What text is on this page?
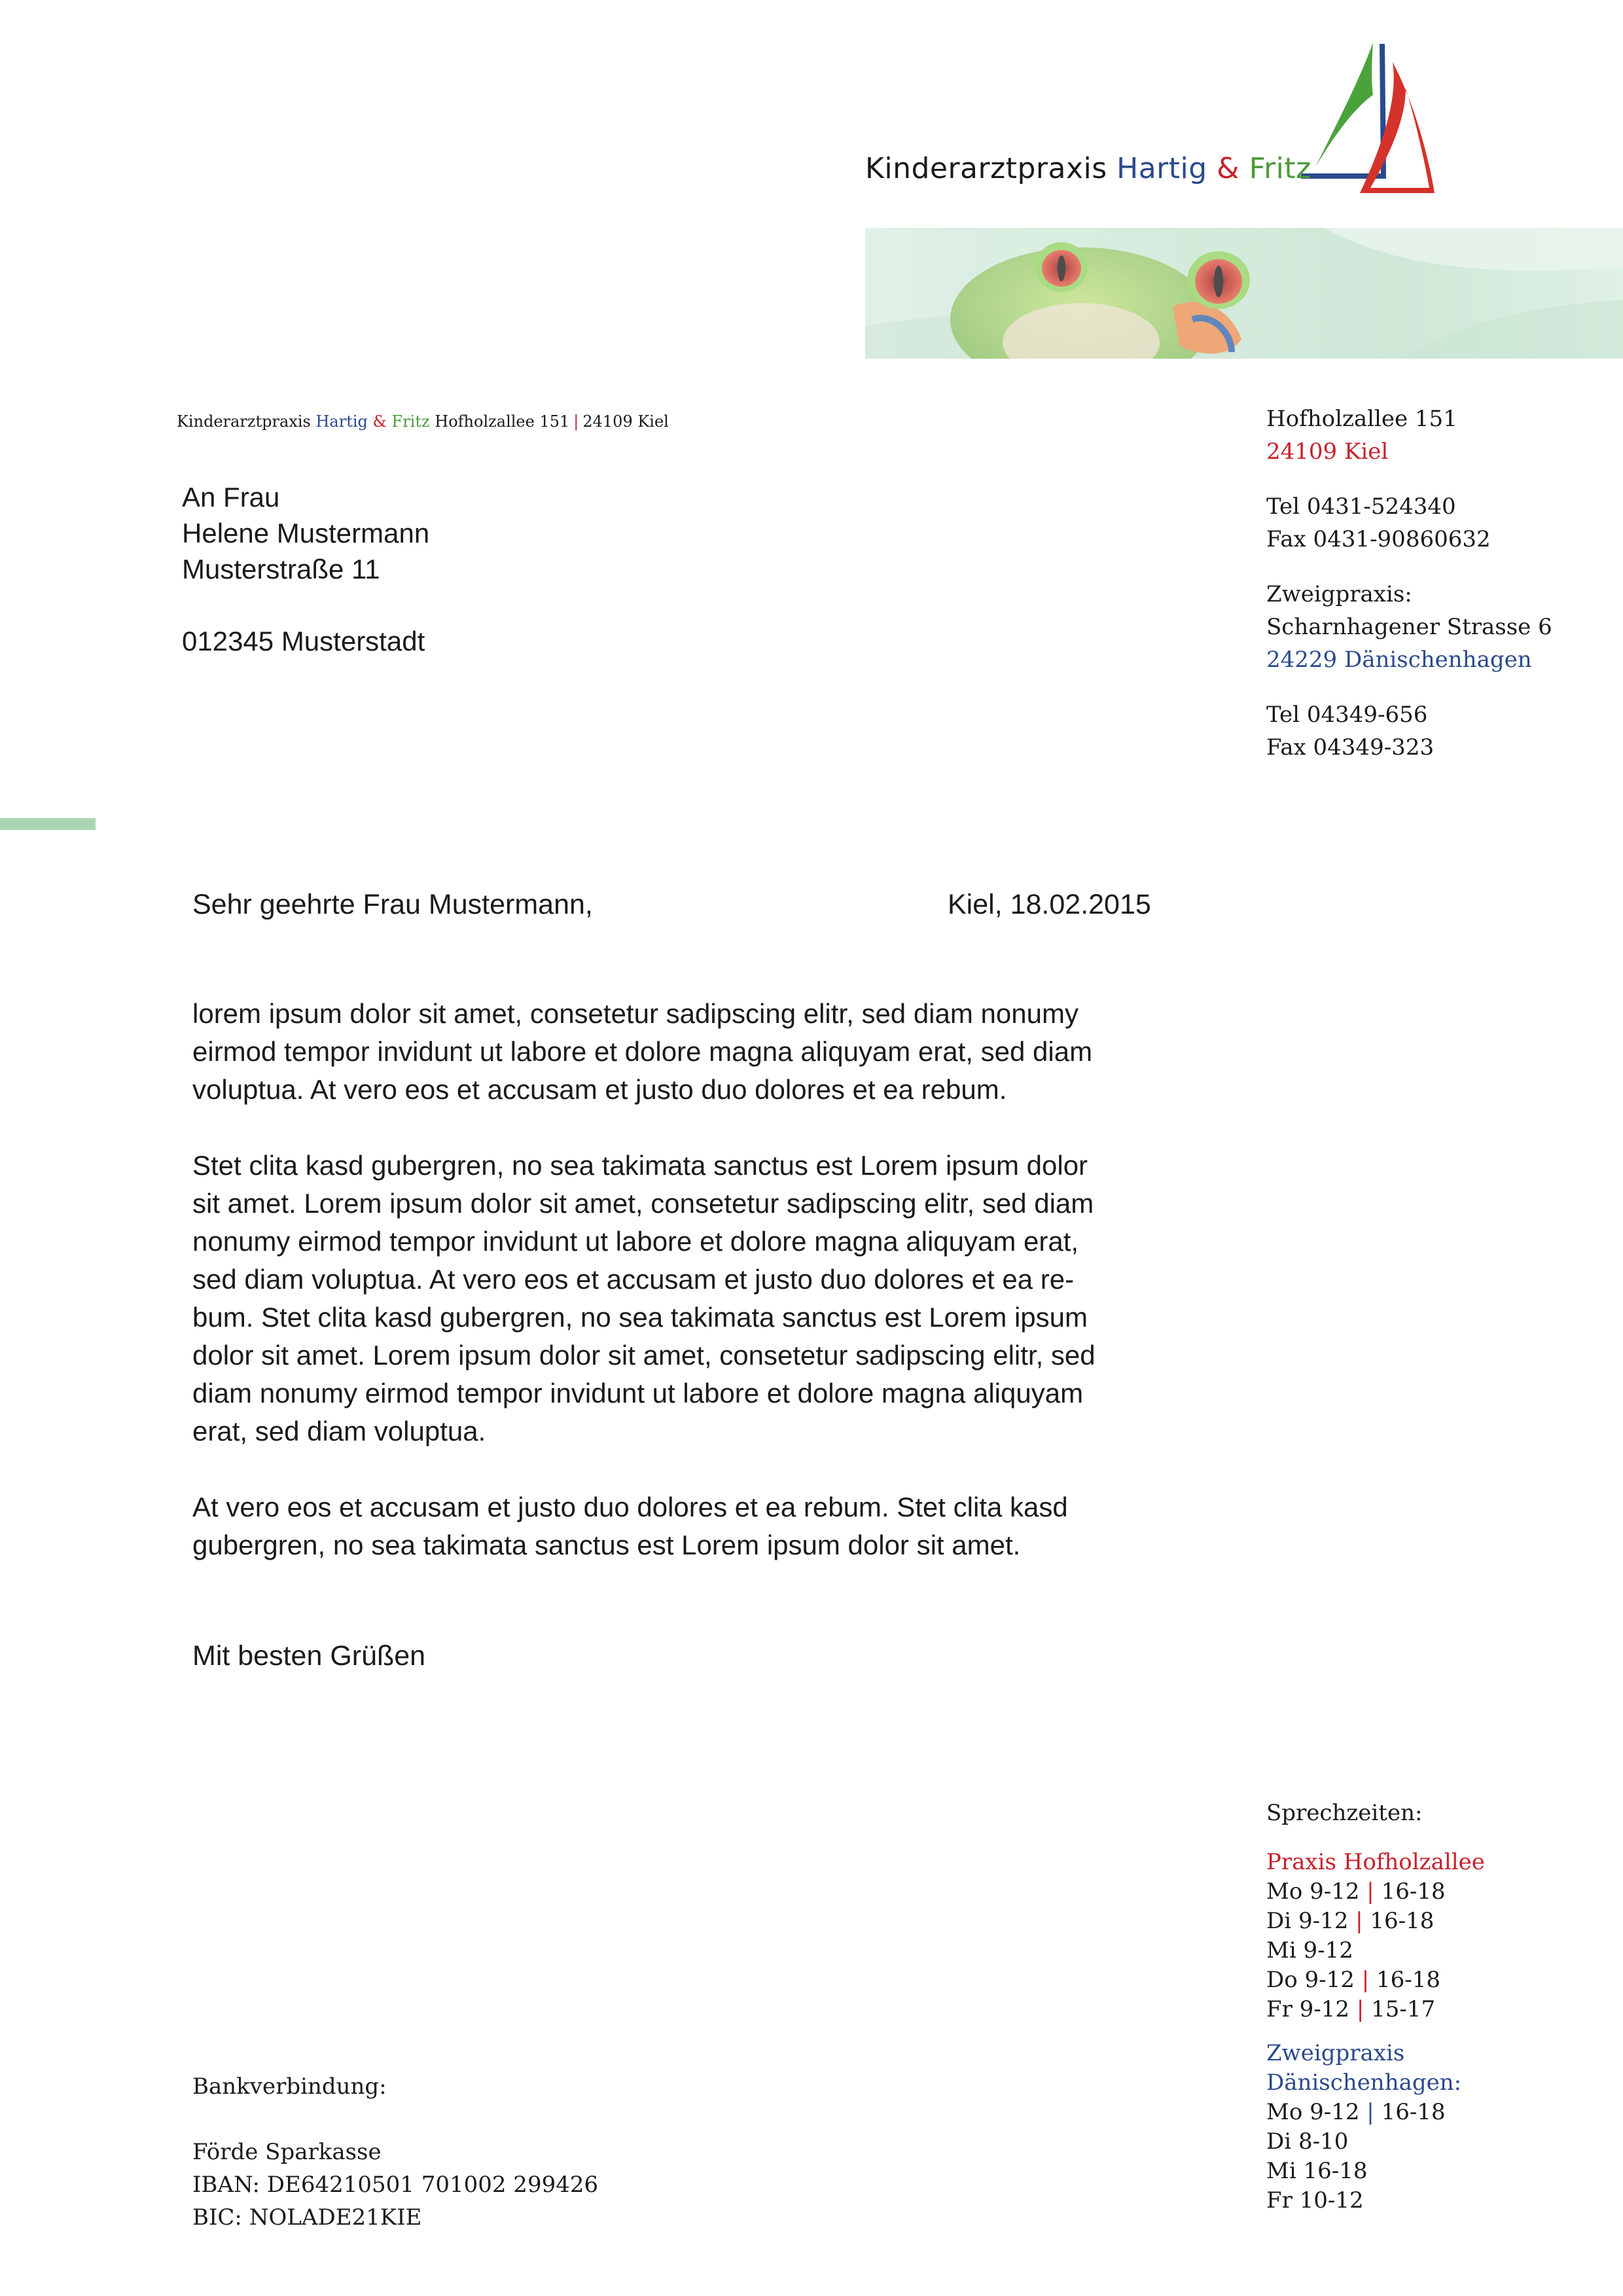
Kinderarztpraxis Hartig & Fritz
Kinderarztpraxis Hartig & Fritz Hofholzallee 151 | 24109 Kiel
An Frau
Helene Mustermann
Musterstraße 11
012345 Musterstadt
Hofholzallee 151
24109 Kiel
Tel 0431-524340
Fax 0431-90860632
Zweigpraxis:
Scharnhagener Strasse 6
24229 Dänischenhagen
Tel 04349-656
Fax 04349-323
Sehr geehrte Frau Mustermann,	Kiel, 18.02.2015

lorem ipsum dolor sit amet, consetetur sadipscing elitr, sed diam nonumy
eirmod tempor invidunt ut labore et dolore magna aliquyam erat, sed diam
voluptua. At vero eos et accusam et justo duo dolores et ea rebum.

Stet clita kasd gubergren, no sea takimata sanctus est Lorem ipsum dolor
sit amet. Lorem ipsum dolor sit amet, consetetur sadipscing elitr, sed diam
nonumy eirmod tempor invidunt ut labore et dolore magna aliquyam erat,
sed diam voluptua. At vero eos et accusam et justo duo dolores et ea re-
bum. Stet clita kasd gubergren, no sea takimata sanctus est Lorem ipsum
dolor sit amet. Lorem ipsum dolor sit amet, consetetur sadipscing elitr, sed
diam nonumy eirmod tempor invidunt ut labore et dolore magna aliquyam
erat, sed diam voluptua.

At vero eos et accusam et justo duo dolores et ea rebum. Stet clita kasd
gubergren, no sea takimata sanctus est Lorem ipsum dolor sit amet.

Mit besten Grüßen
Sprechzeiten:
Praxis Hofholzallee
Mo 9-12 | 16-18
Di 9-12 | 16-18
Mi 9-12
Do 9-12 | 16-18
Fr 9-12 | 15-17
Zweigpraxis
Dänischenhagen:
Mo 9-12 | 16-18
Di 8-10
Mi 16-18
Fr 10-12
Bankverbindung:
Förde Sparkasse
IBAN: DE64210501 701002 299426
BIC: NOLADE21KIE
